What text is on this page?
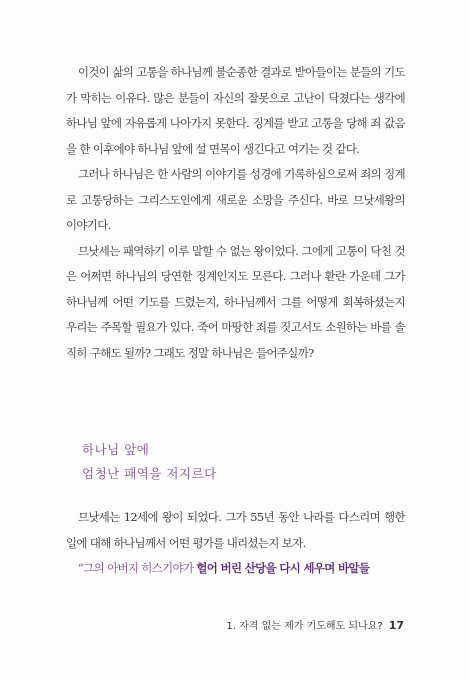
이것이 삶의 고통을 하나님께 불순종한 결과로 받아들이는 분들의 기도가 막히는 이유다. 많은 분들이 자신의 잘못으로 고난이 닥쳤다는 생각에 하나님 앞에 자유롭게 나아가지 못한다. 징계를 받고 고통을 당해 죄 값음을 한 이후에야 하나님 앞에 설 면목이 생긴다고 여기는 것 같다.

그러나 하나님은 한 사람의 이야기를 성경에 기록하심으로써 죄의 징계로 고통당하는 그리스도인에게 새로운 소망을 주신다. 바로 므낫세왕의 이야기다.

므낫세는 패역하기 이루 말할 수 없는 왕이었다. 그에게 고통이 닥친 것은 어쩌면 하나님의 당연한 징계인지도 모른다. 그러나 환란 가운데 그가 하나님께 어떤 기도를 드렸는지, 하나님께서 그를 어떻게 회복하셨는지 우리는 주목할 필요가 있다. 죽어 마땅한 죄를 짓고서도 소원하는 바를 솔직히 구해도 될까? 그래도 정말 하나님은 들어주실까?

하나님 앞에
엄청난 패역을 저지르다

므낫세는 12세에 왕이 되었다. 그가 55년 동안 나라를 다스리며 행한 일에 대해 하나님께서 어떤 평가를 내리셨는지 보자.

“그의 아버지 히스기야가 헐어 버린 산당을 다시 세우며 바알들

1. 자격 없는 제가 기도해도 되나요? 17
